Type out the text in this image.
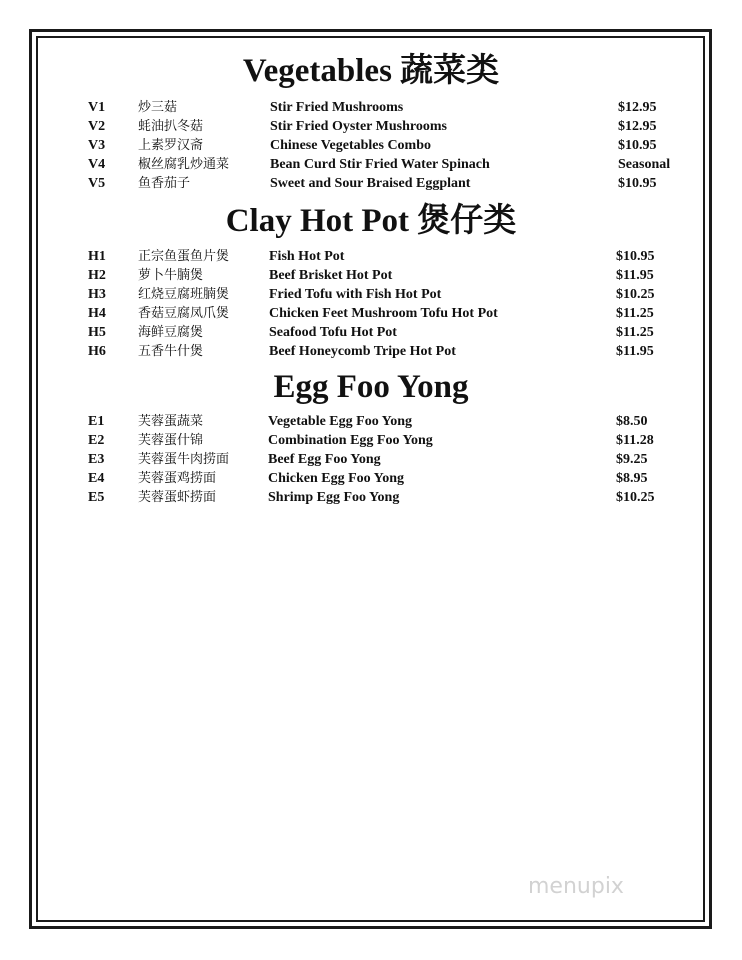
Vegetables 蔬菜类
V1	炒三菇	Stir Fried Mushrooms	$12.95
V2	蚝油扒冬菇	Stir Fried Oyster Mushrooms	$12.95
V3	上素罗汉斋	Chinese Vegetables Combo	$10.95
V4	椒丝腐乳炒通菜	Bean Curd Stir Fried Water Spinach	Seasonal
V5	鱼香茄子	Sweet and Sour Braised Eggplant	$10.95
Clay Hot Pot 煲仔类
H1 正宗鱼蛋鱼片煲	Fish Hot Pot	$10.95
H2 萝卜牛腩煲	Beef Brisket Hot Pot	$11.95
H3 红烧豆腐班腩煲	Fried Tofu with Fish Hot Pot	$10.25
H4 香菇豆腐凤爪煲	Chicken Feet Mushroom Tofu Hot Pot	$11.25
H5 海鲜豆腐煲	Seafood Tofu Hot Pot	$11.25
H6 五香牛什煲	Beef Honeycomb Tripe Hot Pot	$11.95
Egg Foo Yong
E1	芙蓉蛋蔬菜	Vegetable Egg Foo Yong	$8.50
E2	芙蓉蛋什锦	Combination Egg Foo Yong	$11.28
E3	芙蓉蛋牛肉捞面	Beef Egg Foo Yong	$9.25
E4	芙蓉蛋鸡捞面	Chicken Egg Foo Yong	$8.95
E5	芙蓉蛋虾捞面	Shrimp Egg Foo Yong	$10.25
menupix
